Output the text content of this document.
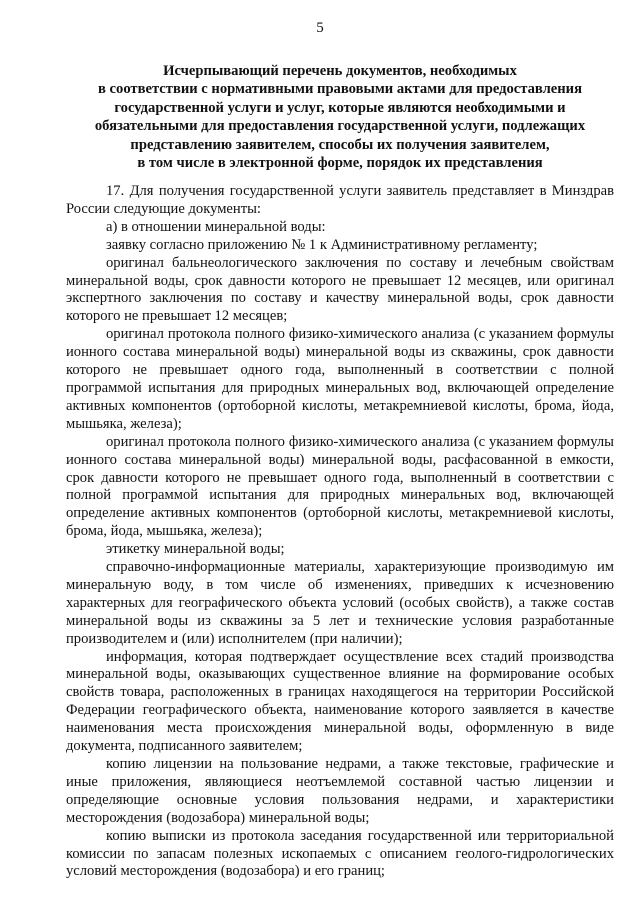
5
Исчерпывающий перечень документов, необходимых
в соответствии с нормативными правовыми актами для предоставления
государственной услуги и услуг, которые являются необходимыми и
обязательными для предоставления государственной услуги, подлежащих
представлению заявителем, способы их получения заявителем,
в том числе в электронной форме, порядок их представления

17. Для получения государственной услуги заявитель представляет в Минздрав России следующие документы:

а) в отношении минеральной воды:

заявку согласно приложению № 1 к Административному регламенту;

оригинал бальнеологического заключения по составу и лечебным свойствам минеральной воды, срок давности которого не превышает 12 месяцев, или оригинал экспертного заключения по составу и качеству минеральной воды, срок давности которого не превышает 12 месяцев;

оригинал протокола полного физико-химического анализа (с указанием формулы ионного состава минеральной воды) минеральной воды из скважины, срок давности которого не превышает одного года, выполненный в соответствии с полной программой испытания для природных минеральных вод, включающей определение активных компонентов (ортоборной кислоты, метакремниевой кислоты, брома, йода, мышьяка, железа);

оригинал протокола полного физико-химического анализа (с указанием формулы ионного состава минеральной воды) минеральной воды, расфасованной в емкости, срок давности которого не превышает одного года, выполненный в соответствии с полной программой испытания для природных минеральных вод, включающей определение активных компонентов (ортоборной кислоты, метакремниевой кислоты, брома, йода, мышьяка, железа);

этикетку минеральной воды;

справочно-информационные материалы, характеризующие производимую им минеральную воду, в том числе об изменениях, приведших к исчезновению характерных для географического объекта условий (особых свойств), а также состав минеральной воды из скважины за 5 лет и технические условия разработанные производителем и (или) исполнителем (при наличии);

информация, которая подтверждает осуществление всех стадий производства минеральной воды, оказывающих существенное влияние на формирование особых свойств товара, расположенных в границах находящегося на территории Российской Федерации географического объекта, наименование которого заявляется в качестве наименования места происхождения минеральной воды, оформленную в виде документа, подписанного заявителем;

копию лицензии на пользование недрами, а также текстовые, графические и иные приложения, являющиеся неотъемлемой составной частью лицензии и определяющие основные условия пользования недрами, и характеристики месторождения (водозабора) минеральной воды;

копию выписки из протокола заседания государственной или территориальной комиссии по запасам полезных ископаемых с описанием геолого-гидрологических условий месторождения (водозабора) и его границ;
